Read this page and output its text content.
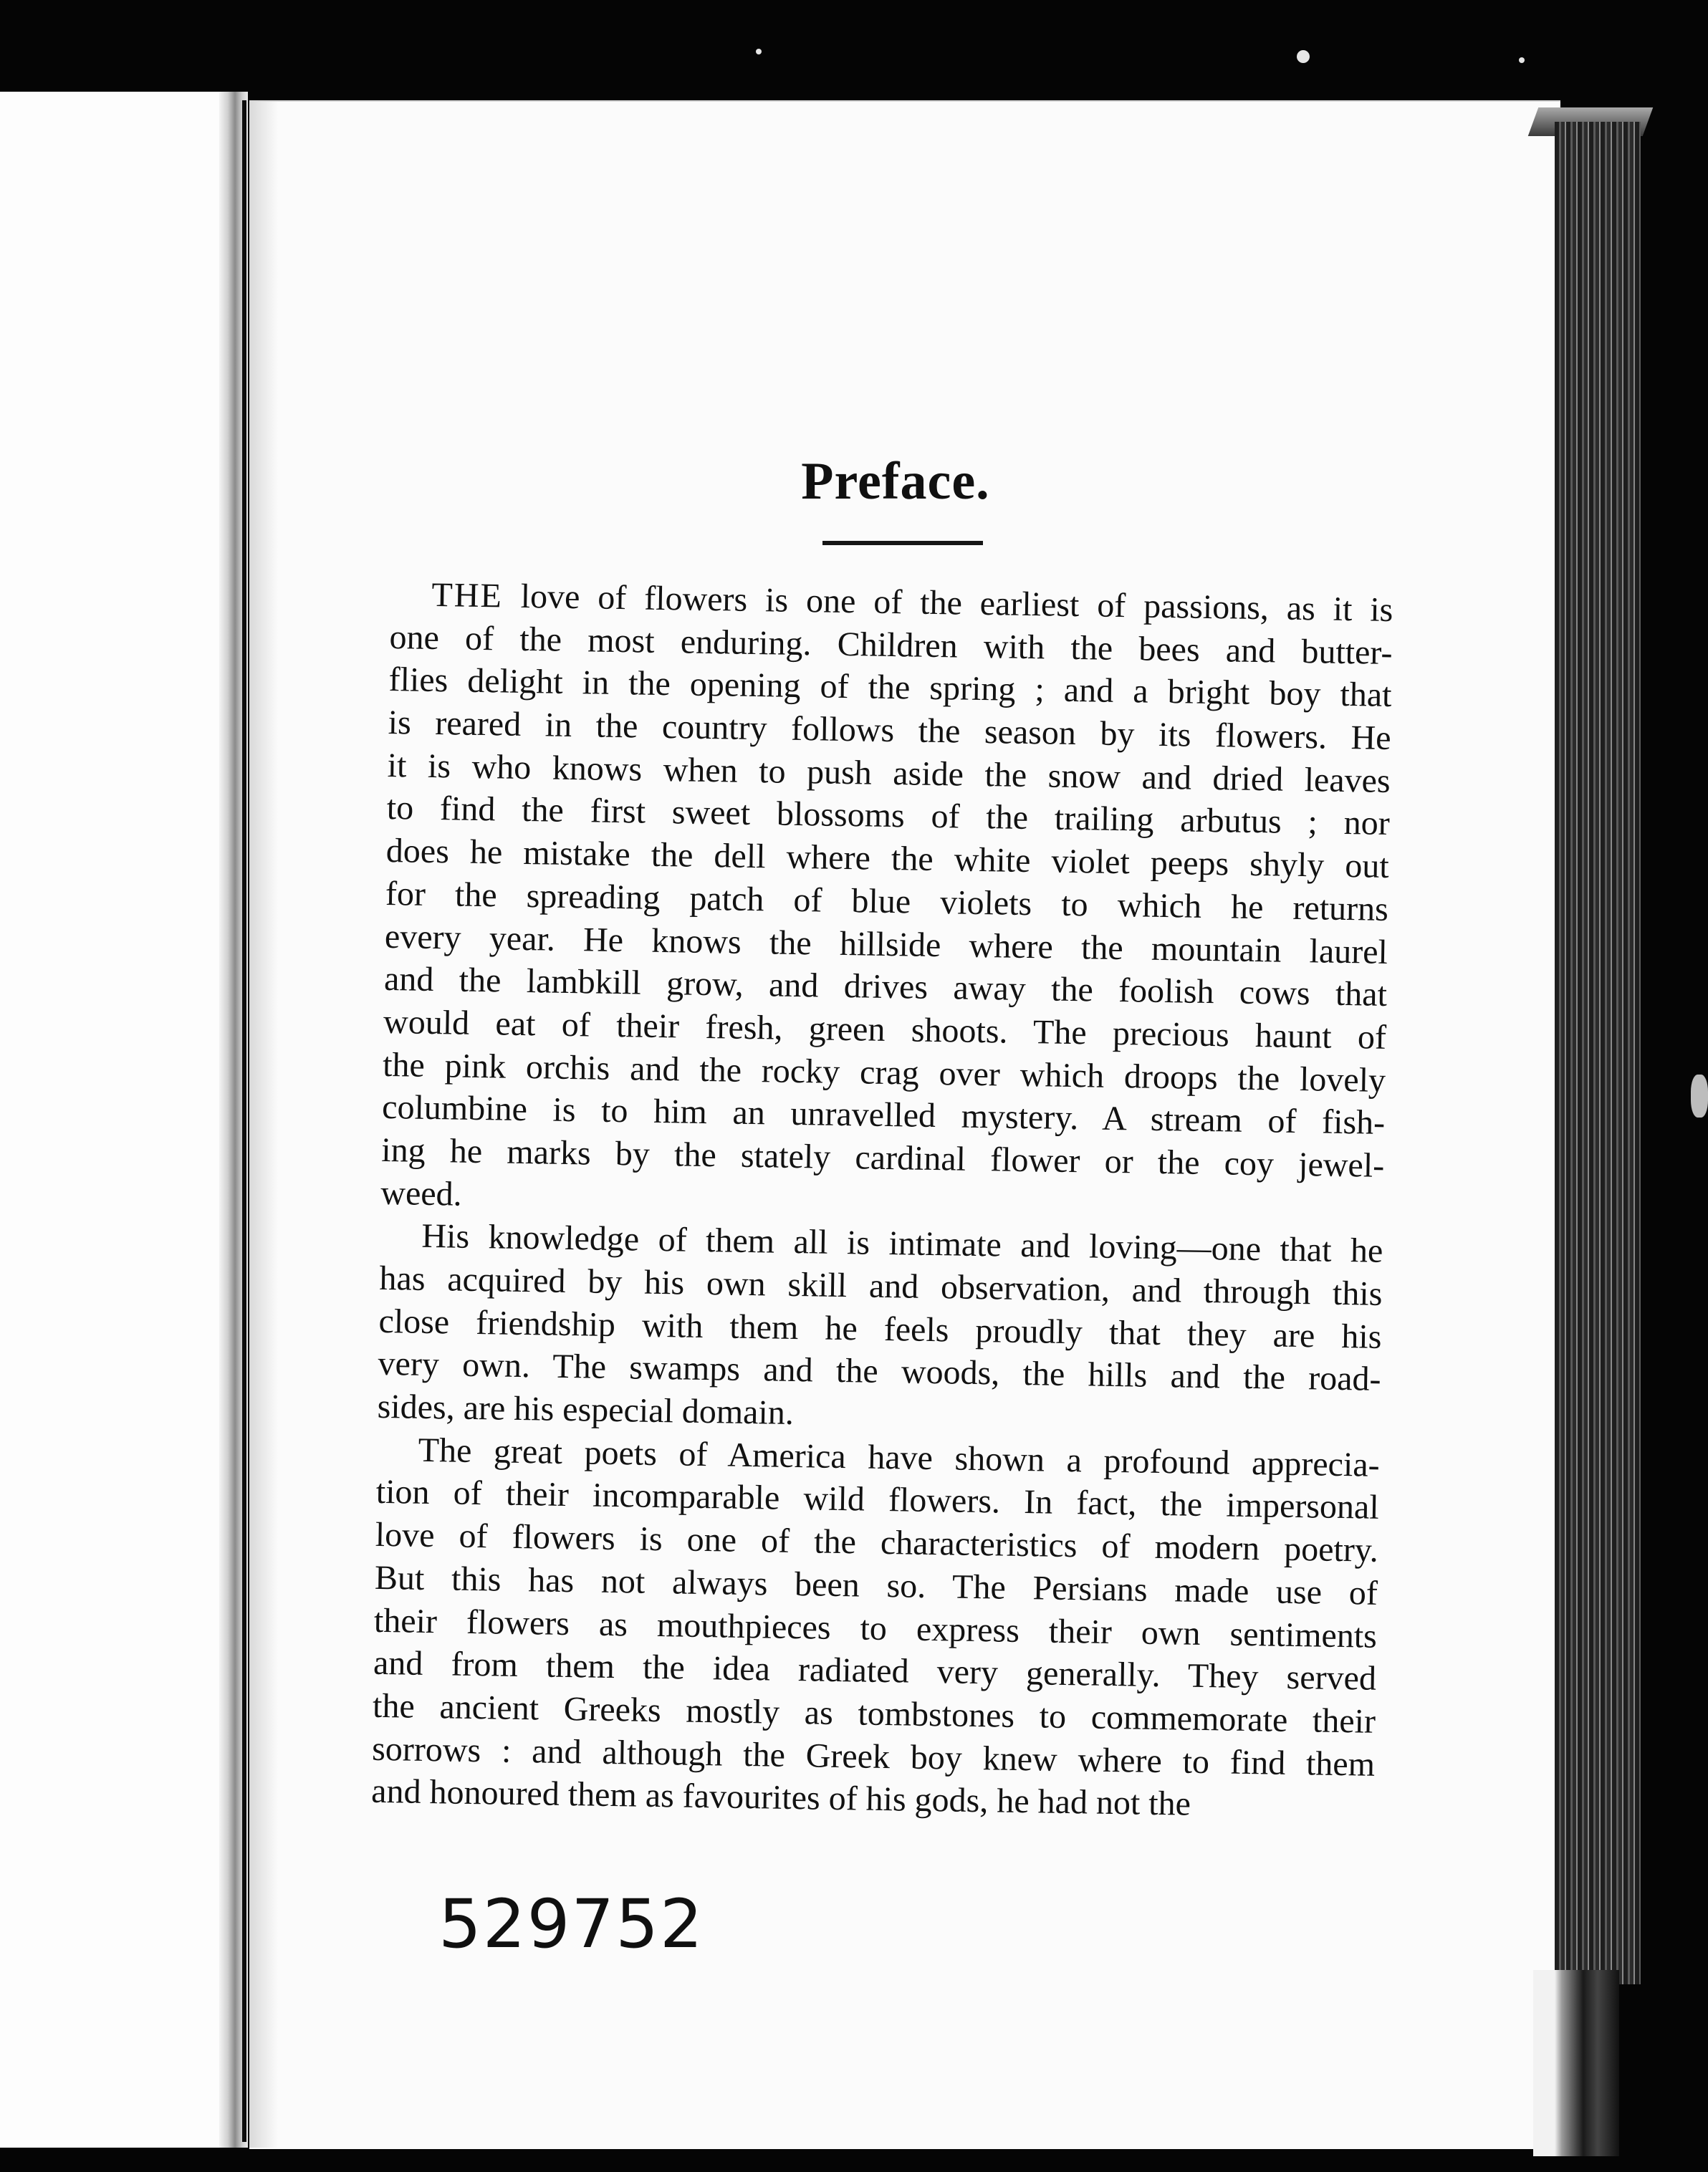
Preface.
THE love of flowers is one of the earliest of passions, as it is
one of the most enduring. Children with the bees and butter-
flies delight in the opening of the spring ; and a bright boy that
is reared in the country follows the season by its flowers. He
it is who knows when to push aside the snow and dried leaves
to find the first sweet blossoms of the trailing arbutus ; nor
does he mistake the dell where the white violet peeps shyly out
for the spreading patch of blue violets to which he returns
every year. He knows the hillside where the mountain laurel
and the lambkill grow, and drives away the foolish cows that
would eat of their fresh, green shoots. The precious haunt of
the pink orchis and the rocky crag over which droops the lovely
columbine is to him an unravelled mystery. A stream of fish-
ing he marks by the stately cardinal flower or the coy jewel-
weed.
His knowledge of them all is intimate and loving—one that he
has acquired by his own skill and observation, and through this
close friendship with them he feels proudly that they are his
very own. The swamps and the woods, the hills and the road-
sides, are his especial domain.
The great poets of America have shown a profound apprecia-
tion of their incomparable wild flowers. In fact, the impersonal
love of flowers is one of the characteristics of modern poetry.
But this has not always been so. The Persians made use of
their flowers as mouthpieces to express their own sentiments
and from them the idea radiated very generally. They served
the ancient Greeks mostly as tombstones to commemorate their
sorrows : and although the Greek boy knew where to find them
and honoured them as favourites of his gods, he had not the

529752
